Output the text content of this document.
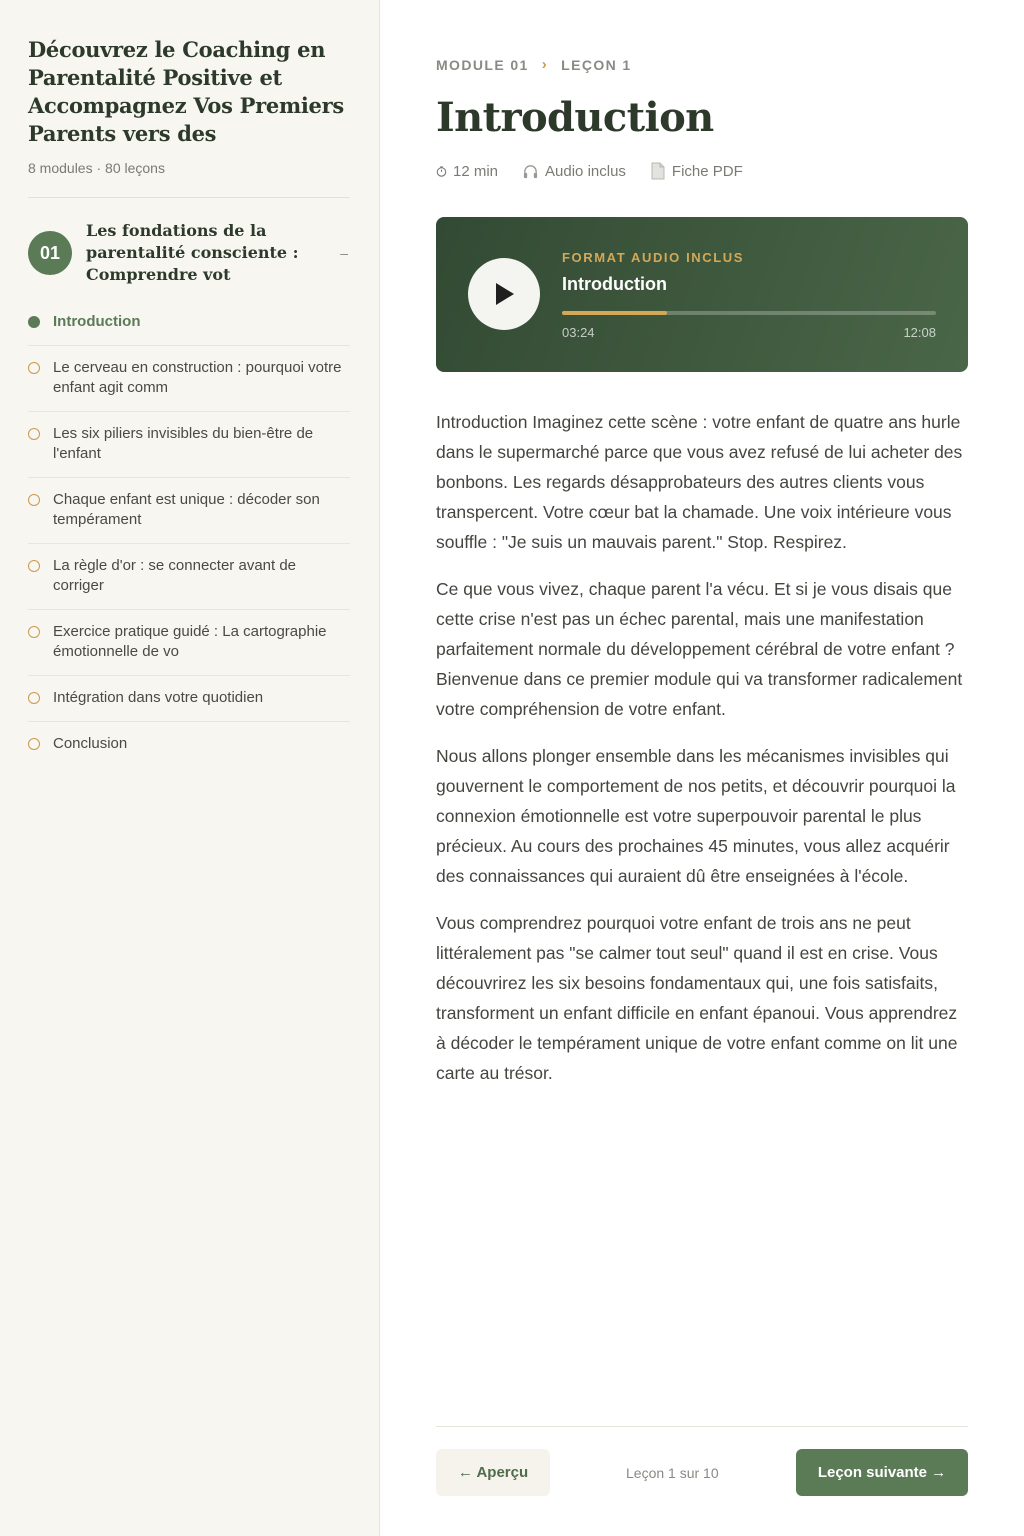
Découvrez le Coaching en Parentalité Positive et Accompagnez Vos Premiers Parents vers des
8 modules · 80 leçons
01
Les fondations de la parentalité consciente : Comprendre vot
–
Introduction
Le cerveau en construction : pourquoi votre enfant agit comm
Les six piliers invisibles du bien-être de l'enfant
Chaque enfant est unique : décoder son tempérament
La règle d'or : se connecter avant de corriger
Exercice pratique guidé : La cartographie émotionnelle de vo
Intégration dans votre quotidien
Conclusion
MODULE 01 › LEÇON 1
Introduction
12 min	Audio inclus	Fiche PDF
FORMAT AUDIO INCLUS
Introduction
03:24	12:08

Introduction Imaginez cette scène : votre enfant de quatre ans hurle dans le supermarché parce que vous avez refusé de lui acheter des bonbons. Les regards désapprobateurs des autres clients vous transpercent. Votre cœur bat la chamade. Une voix intérieure vous souffle : "Je suis un mauvais parent." Stop. Respirez.

Ce que vous vivez, chaque parent l'a vécu. Et si je vous disais que cette crise n'est pas un échec parental, mais une manifestation parfaitement normale du développement cérébral de votre enfant ? Bienvenue dans ce premier module qui va transformer radicalement votre compréhension de votre enfant.

Nous allons plonger ensemble dans les mécanismes invisibles qui gouvernent le comportement de nos petits, et découvrir pourquoi la connexion émotionnelle est votre superpouvoir parental le plus précieux. Au cours des prochaines 45 minutes, vous allez acquérir des connaissances qui auraient dû être enseignées à l'école.

Vous comprendrez pourquoi votre enfant de trois ans ne peut littéralement pas "se calmer tout seul" quand il est en crise. Vous découvrirez les six besoins fondamentaux qui, une fois satisfaits, transforment un enfant difficile en enfant épanoui. Vous apprendrez à décoder le tempérament unique de votre enfant comme on lit une carte au trésor.

← Aperçu	Leçon 1 sur 10	Leçon suivante →
